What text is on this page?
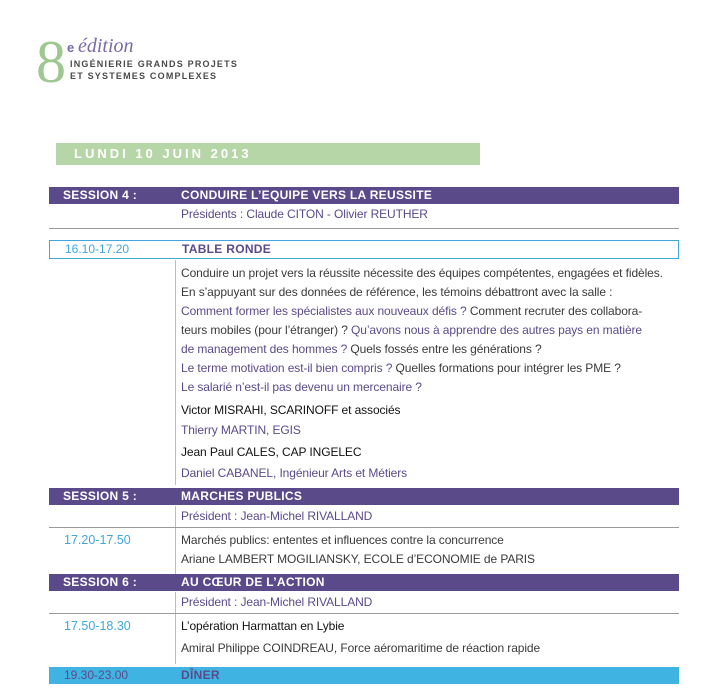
8 e édition
INGÉNIERIE GRANDS PROJETS
ET SYSTEMES COMPLEXES
LUNDI 10 JUIN 2013
SESSION 4 :	CONDUIRE L’EQUIPE VERS LA REUSSITE
Présidents : Claude CITON - Olivier REUTHER
16.10-17.20	TABLE RONDE
Conduire un projet vers la réussite nécessite des équipes compétentes, engagées et fidèles.
En s’appuyant sur des données de référence, les témoins débattront avec la salle :
Comment former les spécialistes aux nouveaux défis ? Comment recruter des collabora-
teurs mobiles (pour l’étranger) ? Qu’avons nous à apprendre des autres pays en matière
de management des hommes ? Quels fossés entre les générations ?
Le terme motivation est-il bien compris ? Quelles formations pour intégrer les PME ?
Le salarié n’est-il pas devenu un mercenaire ?
Victor MISRAHI, SCARINOFF et associés
Thierry MARTIN, EGIS
Jean Paul CALES, CAP INGELEC
Daniel CABANEL, Ingénieur Arts et Métiers
SESSION 5 :	MARCHES PUBLICS
Président : Jean-Michel RIVALLAND
17.20-17.50	Marchés publics: ententes et influences contre la concurrence
Ariane LAMBERT MOGILIANSKY, ECOLE d’ECONOMIE de PARIS
SESSION 6 :	AU CŒUR DE L’ACTION
Président : Jean-Michel RIVALLAND
17.50-18.30	L’opération Harmattan en Lybie
Amiral Philippe COINDREAU, Force aéromaritime de réaction rapide
19.30-23.00	DÎNER
